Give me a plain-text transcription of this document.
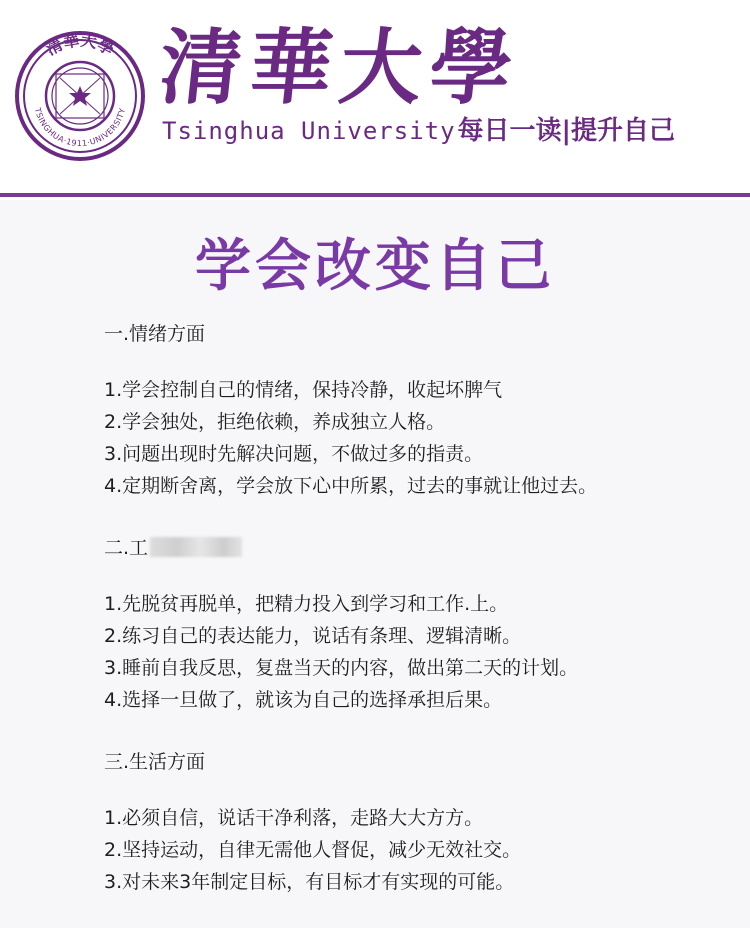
清華大學
TSINGHUA·1911·UNIVERSITY 清華大學
Tsinghua University每日一读|提升自己
学会改变自己

一.情绪方面

1.学会控制自己的情绪，保持冷静，收起坏脾气
2.学会独处，拒绝依赖，养成独立人格。
3.问题出现时先解决问题，不做过多的指责。
4.定期断舍离，学会放下心中所累，过去的事就让他过去。

二.工

1.先脱贫再脱单，把精力投入到学习和工作.上。
2.练习自己的表达能力，说话有条理、逻辑清晰。
3.睡前自我反思，复盘当天的内容，做出第二天的计划。
4.选择一旦做了，就该为自己的选择承担后果。

三.生活方面

1.必须自信，说话干净利落，走路大大方方。
2.坚持运动，自律无需他人督促，减少无效社交。
3.对未来3年制定目标，有目标才有实现的可能。
